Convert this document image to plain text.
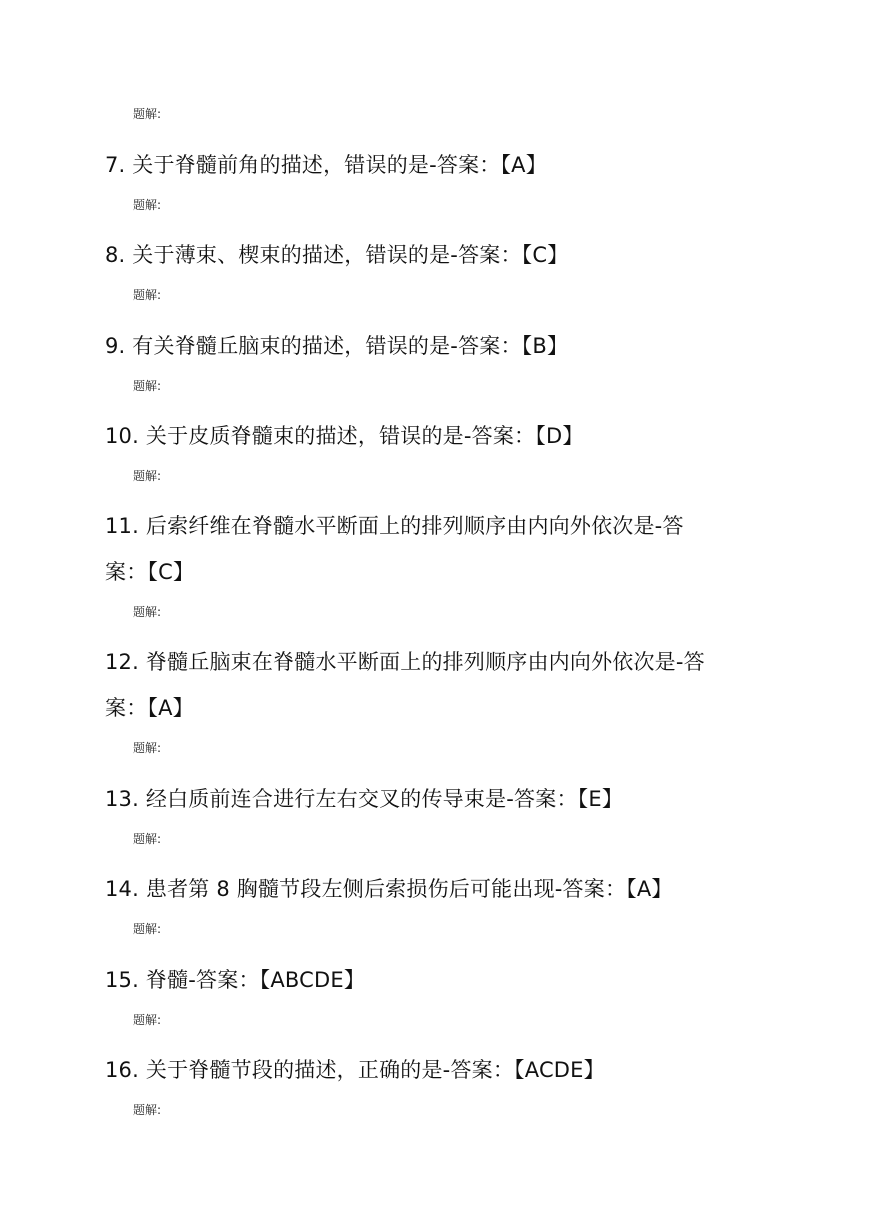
题解:
7. 关于脊髓前角的描述，错误的是-答案：【A】
题解:
8. 关于薄束、楔束的描述，错误的是-答案：【C】
题解:
9. 有关脊髓丘脑束的描述，错误的是-答案：【B】
题解:
10. 关于皮质脊髓束的描述，错误的是-答案：【D】
题解:
11. 后索纤维在脊髓水平断面上的排列顺序由内向外依次是-答
案：【C】
题解:
12. 脊髓丘脑束在脊髓水平断面上的排列顺序由内向外依次是-答
案：【A】
题解:
13. 经白质前连合进行左右交叉的传导束是-答案：【E】
题解:
14. 患者第 8 胸髓节段左侧后索损伤后可能出现-答案：【A】
题解:
15. 脊髓-答案：【ABCDE】
题解:
16. 关于脊髓节段的描述，正确的是-答案：【ACDE】
题解:
